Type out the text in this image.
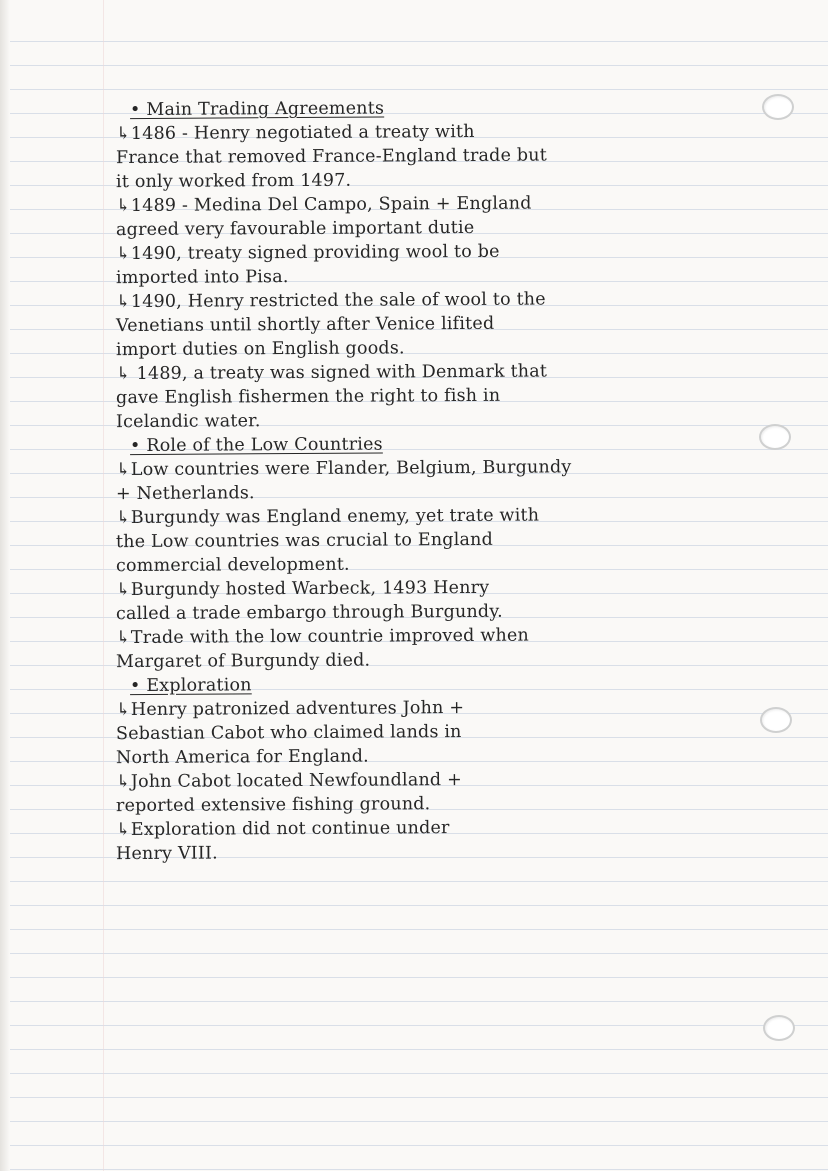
• Main Trading Agreements
↳1486 - Henry negotiated a treaty with
France that removed France-England trade but
it only worked from 1497.
↳1489 - Medina Del Campo, Spain + England
agreed very favourable important dutie
↳1490, treaty signed providing wool to be
imported into Pisa.
↳1490, Henry restricted the sale of wool to the
Venetians until shortly after Venice lifited
import duties on English goods.
↳ 1489, a treaty was signed with Denmark that
gave English fishermen the right to fish in
Icelandic water.
• Role of the Low Countries
↳Low countries were Flander, Belgium, Burgundy
+ Netherlands.
↳Burgundy was England enemy, yet trate with
the Low countries was crucial to England
commercial development.
↳Burgundy hosted Warbeck, 1493 Henry
called a trade embargo through Burgundy.
↳Trade with the low countrie improved when
Margaret of Burgundy died.
• Exploration
↳Henry patronized adventures John +
Sebastian Cabot who claimed lands in
North America for England.
↳John Cabot located Newfoundland +
reported extensive fishing ground.
↳Exploration did not continue under
Henry VIII.
